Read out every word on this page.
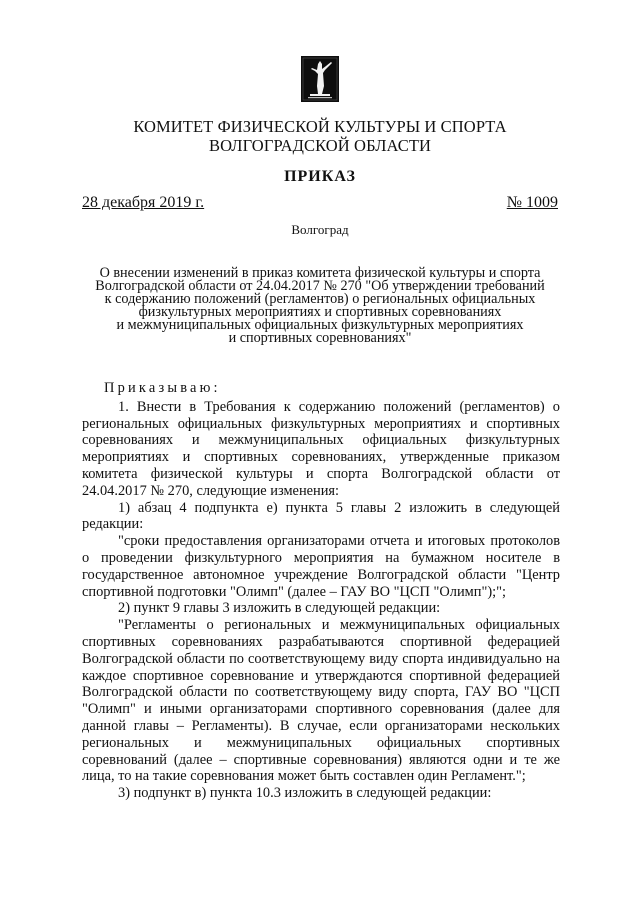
КОМИТЕТ ФИЗИЧЕСКОЙ КУЛЬТУРЫ И СПОРТА
ВОЛГОГРАДСКОЙ ОБЛАСТИ
ПРИКАЗ
28 декабря 2019 г.	№ 1009
Волгоград
О внесении изменений в приказ комитета физической культуры и спорта
Волгоградской области от 24.04.2017 № 270 "Об утверждении требований
к содержанию положений (регламентов) о региональных официальных
физкультурных мероприятиях и спортивных соревнованиях
и межмуниципальных официальных физкультурных мероприятиях
и спортивных соревнованиях"

Приказываю:

1. Внести в Требования к содержанию положений (регламентов) о региональных официальных физкультурных мероприятиях и спортивных соревнованиях и межмуниципальных официальных физкультурных мероприятиях и спортивных соревнованиях, утвержденные приказом комитета физической культуры и спорта Волгоградской области от 24.04.2017 № 270, следующие изменения:

1) абзац 4 подпункта е) пункта 5 главы 2 изложить в следующей редакции:

"сроки предоставления организаторами отчета и итоговых протоколов о проведении физкультурного мероприятия на бумажном носителе в государственное автономное учреждение Волгоградской области "Центр спортивной подготовки "Олимп" (далее – ГАУ ВО "ЦСП "Олимп");";

2) пункт 9 главы 3 изложить в следующей редакции:

"Регламенты о региональных и межмуниципальных официальных спортивных соревнованиях разрабатываются спортивной федерацией Волгоградской области по соответствующему виду спорта индивидуально на каждое спортивное соревнование и утверждаются спортивной федерацией Волгоградской области по соответствующему виду спорта, ГАУ ВО "ЦСП "Олимп" и иными организаторами спортивного соревнования (далее для данной главы – Регламенты). В случае, если организаторами нескольких региональных и межмуниципальных официальных спортивных соревнований (далее – спортивные соревнования) являются одни и те же лица, то на такие соревнования может быть составлен один Регламент.";

3) подпункт в) пункта 10.3 изложить в следующей редакции:
